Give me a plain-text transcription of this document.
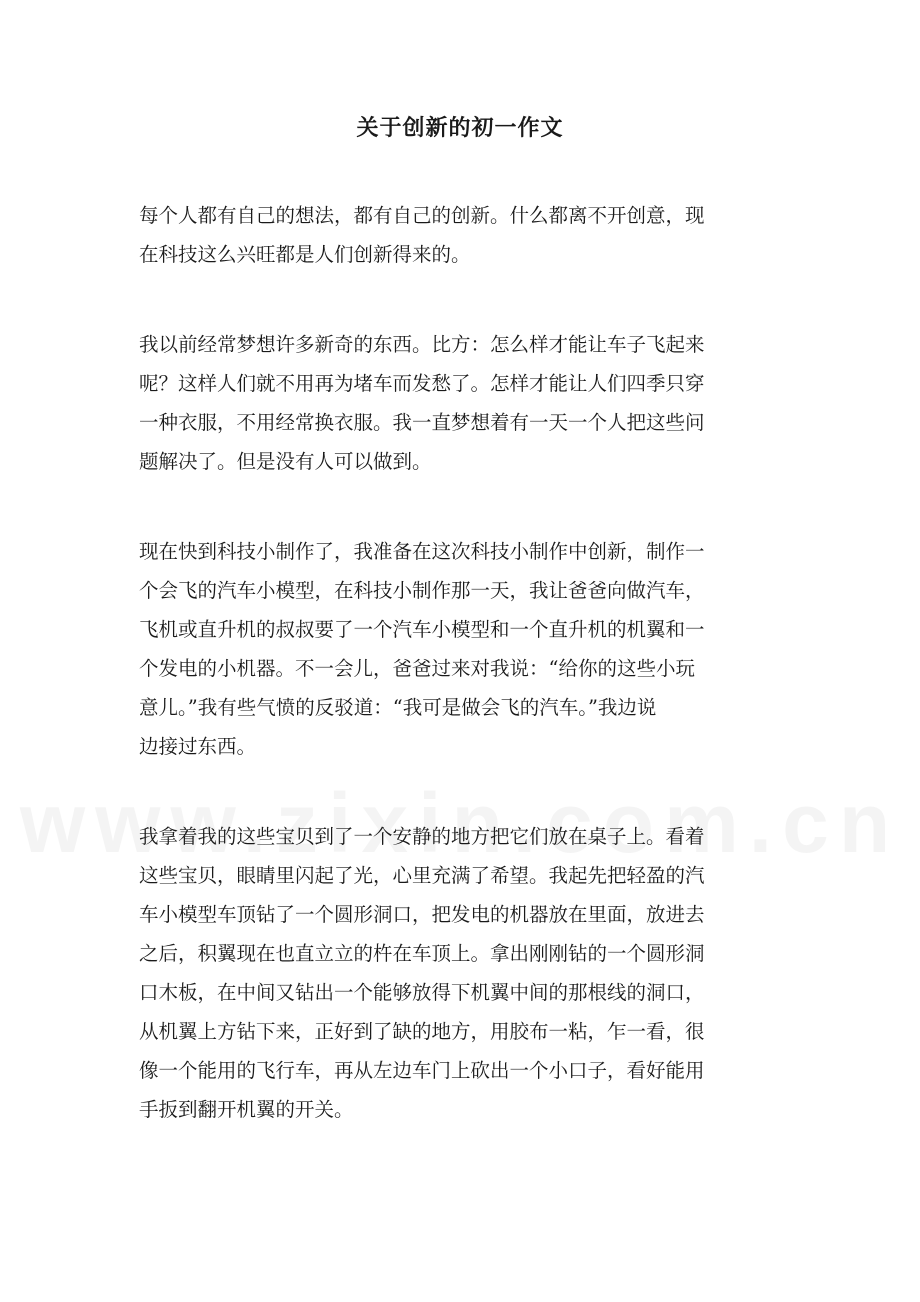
关于创新的初一作文

每个人都有自己的想法，都有自己的创新。什么都离不开创意，现
在科技这么兴旺都是人们创新得来的。

我以前经常梦想许多新奇的东西。比方：怎么样才能让车子飞起来
呢？这样人们就不用再为堵车而发愁了。怎样才能让人们四季只穿
一种衣服，不用经常换衣服。我一直梦想着有一天一个人把这些问
题解决了。但是没有人可以做到。

现在快到科技小制作了，我准备在这次科技小制作中创新，制作一
个会飞的汽车小模型，在科技小制作那一天，我让爸爸向做汽车，
飞机或直升机的叔叔要了一个汽车小模型和一个直升机的机翼和一
个发电的小机器。不一会儿，爸爸过来对我说：“给你的这些小玩
意儿。”我有些气愤的反驳道：“我可是做会飞的汽车。”我边说
边接过东西。

我拿着我的这些宝贝到了一个安静的地方把它们放在桌子上。看着
这些宝贝，眼睛里闪起了光，心里充满了希望。我起先把轻盈的汽
车小模型车顶钻了一个圆形洞口，把发电的机器放在里面，放进去
之后，积翼现在也直立立的杵在车顶上。拿出刚刚钻的一个圆形洞
口木板，在中间又钻出一个能够放得下机翼中间的那根线的洞口，
从机翼上方钻下来，正好到了缺的地方，用胶布一粘，乍一看，很
像一个能用的飞行车，再从左边车门上砍出一个小口子，看好能用
手扳到翻开机翼的开关。
